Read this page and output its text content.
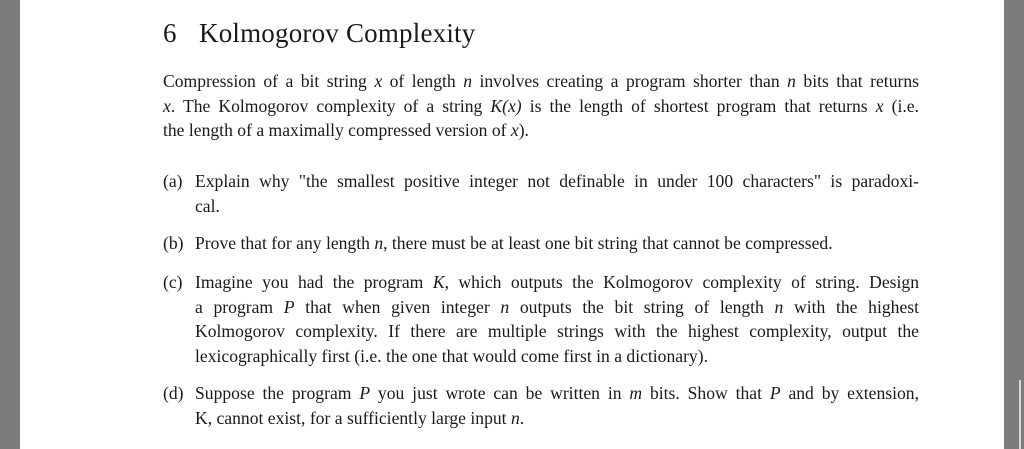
6 Kolmogorov Complexity

Compression of a bit string x of length n involves creating a program shorter than n bits that returns
x. The Kolmogorov complexity of a string K(x) is the length of shortest program that returns x (i.e.
the length of a maximally compressed version of x).

(a) Explain why "the smallest positive integer not definable in under 100 characters" is paradoxi-
cal.
(b) Prove that for any length n, there must be at least one bit string that cannot be compressed.
(c) Imagine you had the program K, which outputs the Kolmogorov complexity of string. Design
a program P that when given integer n outputs the bit string of length n with the highest
Kolmogorov complexity. If there are multiple strings with the highest complexity, output the
lexicographically first (i.e. the one that would come first in a dictionary).
(d) Suppose the program P you just wrote can be written in m bits. Show that P and by extension,
K, cannot exist, for a sufficiently large input n.
